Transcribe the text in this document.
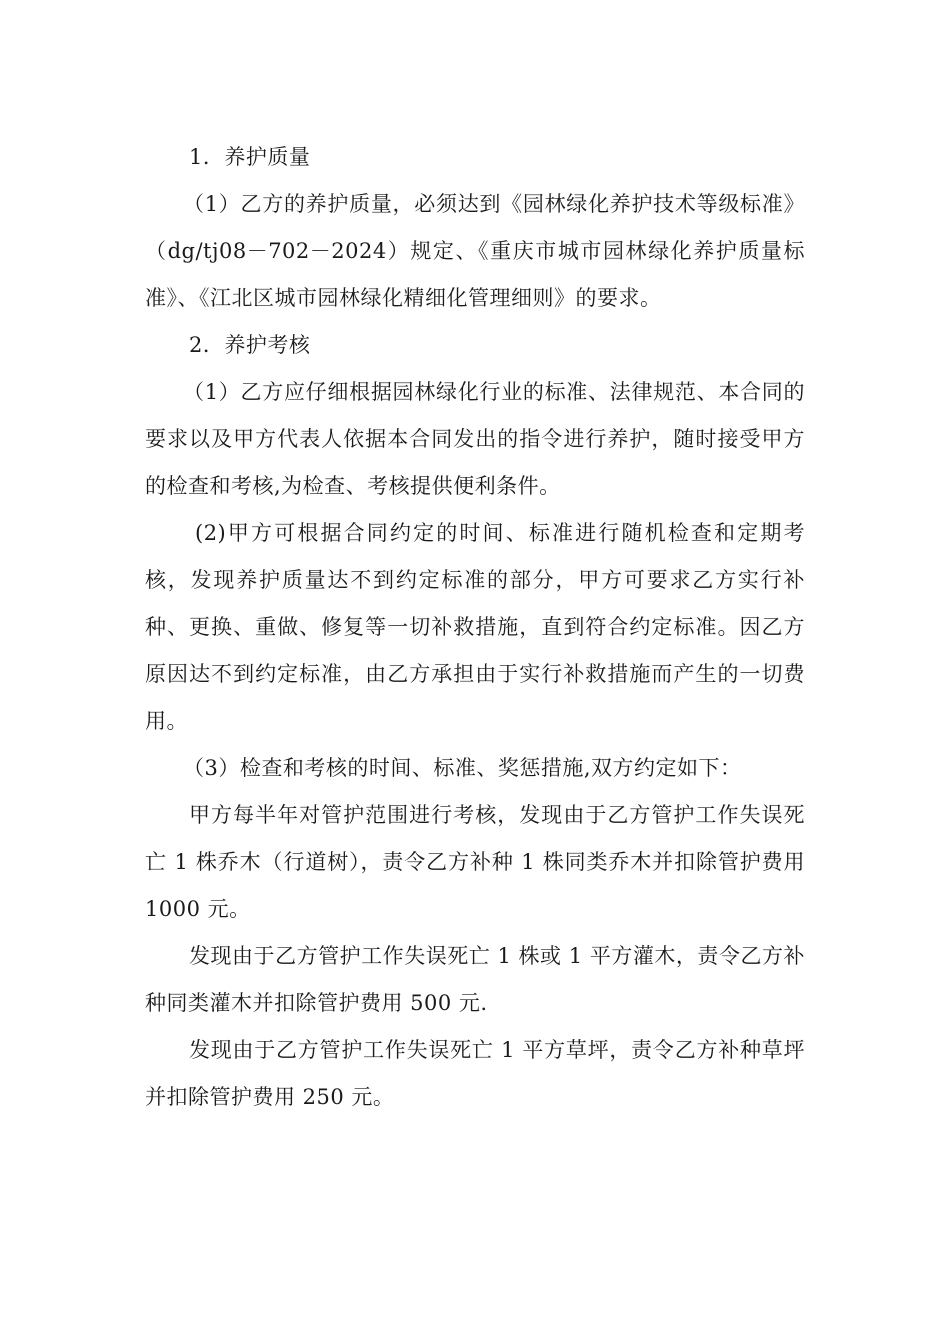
1．养护质量

（1）乙方的养护质量，必须达到《园林绿化养护技术等级标准》（dg/tj08－702－2024）规定、《重庆市城市园林绿化养护质量标准》、《江北区城市园林绿化精细化管理细则》的要求。

2．养护考核

（1）乙方应仔细根据园林绿化行业的标准、法律规范、本合同的要求以及甲方代表人依据本合同发出的指令进行养护，随时接受甲方的检查和考核,为检查、考核提供便利条件。

(2)甲方可根据合同约定的时间、标准进行随机检查和定期考核，发现养护质量达不到约定标准的部分，甲方可要求乙方实行补种、更换、重做、修复等一切补救措施，直到符合约定标准。因乙方原因达不到约定标准，由乙方承担由于实行补救措施而产生的一切费用。

（3）检查和考核的时间、标准、奖惩措施,双方约定如下：

甲方每半年对管护范围进行考核，发现由于乙方管护工作失误死亡 1 株乔木（行道树），责令乙方补种 1 株同类乔木并扣除管护费用 1000 元。

发现由于乙方管护工作失误死亡 1 株或 1 平方灌木，责令乙方补种同类灌木并扣除管护费用 500 元.

发现由于乙方管护工作失误死亡 1 平方草坪，责令乙方补种草坪并扣除管护费用 250 元。
